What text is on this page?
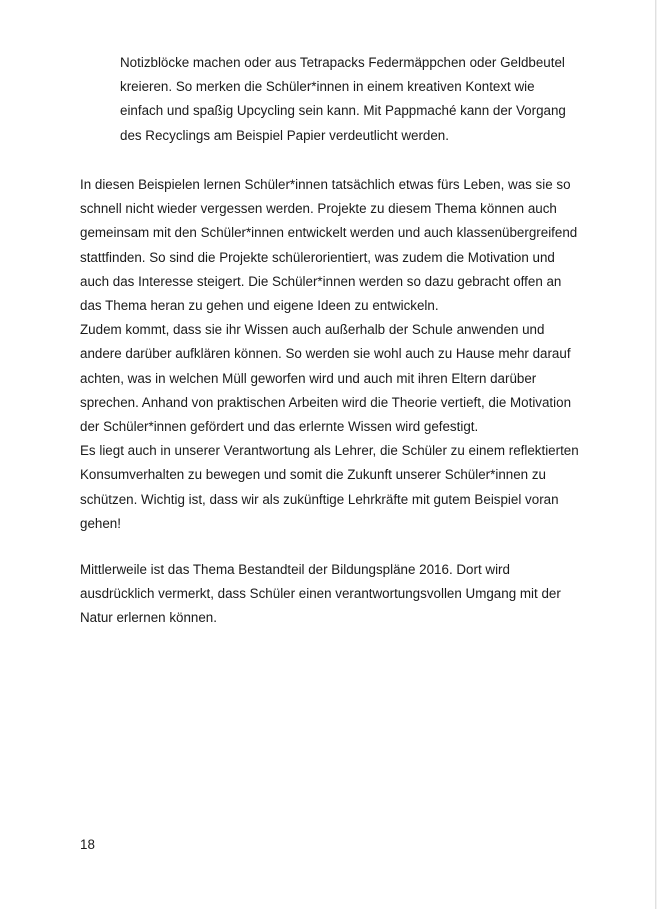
Notizblöcke machen oder aus Tetrapacks Federmäppchen oder Geldbeutel
kreieren. So merken die Schüler*innen in einem kreativen Kontext wie
einfach und spaßig Upcycling sein kann. Mit Pappmaché kann der Vorgang
des Recyclings am Beispiel Papier verdeutlicht werden.
In diesen Beispielen lernen Schüler*innen tatsächlich etwas fürs Leben, was sie so
schnell nicht wieder vergessen werden. Projekte zu diesem Thema können auch
gemeinsam mit den Schüler*innen entwickelt werden und auch klassenübergreifend
stattfinden. So sind die Projekte schülerorientiert, was zudem die Motivation und
auch das Interesse steigert. Die Schüler*innen werden so dazu gebracht offen an
das Thema heran zu gehen und eigene Ideen zu entwickeln.
Zudem kommt, dass sie ihr Wissen auch außerhalb der Schule anwenden und
andere darüber aufklären können. So werden sie wohl auch zu Hause mehr darauf
achten, was in welchen Müll geworfen wird und auch mit ihren Eltern darüber
sprechen. Anhand von praktischen Arbeiten wird die Theorie vertieft, die Motivation
der Schüler*innen gefördert und das erlernte Wissen wird gefestigt.
Es liegt auch in unserer Verantwortung als Lehrer, die Schüler zu einem reflektierten
Konsumverhalten zu bewegen und somit die Zukunft unserer Schüler*innen zu
schützen. Wichtig ist, dass wir als zukünftige Lehrkräfte mit gutem Beispiel voran
gehen!
Mittlerweile ist das Thema Bestandteil der Bildungspläne 2016. Dort wird
ausdrücklich vermerkt, dass Schüler einen verantwortungsvollen Umgang mit der
Natur erlernen können.
18
